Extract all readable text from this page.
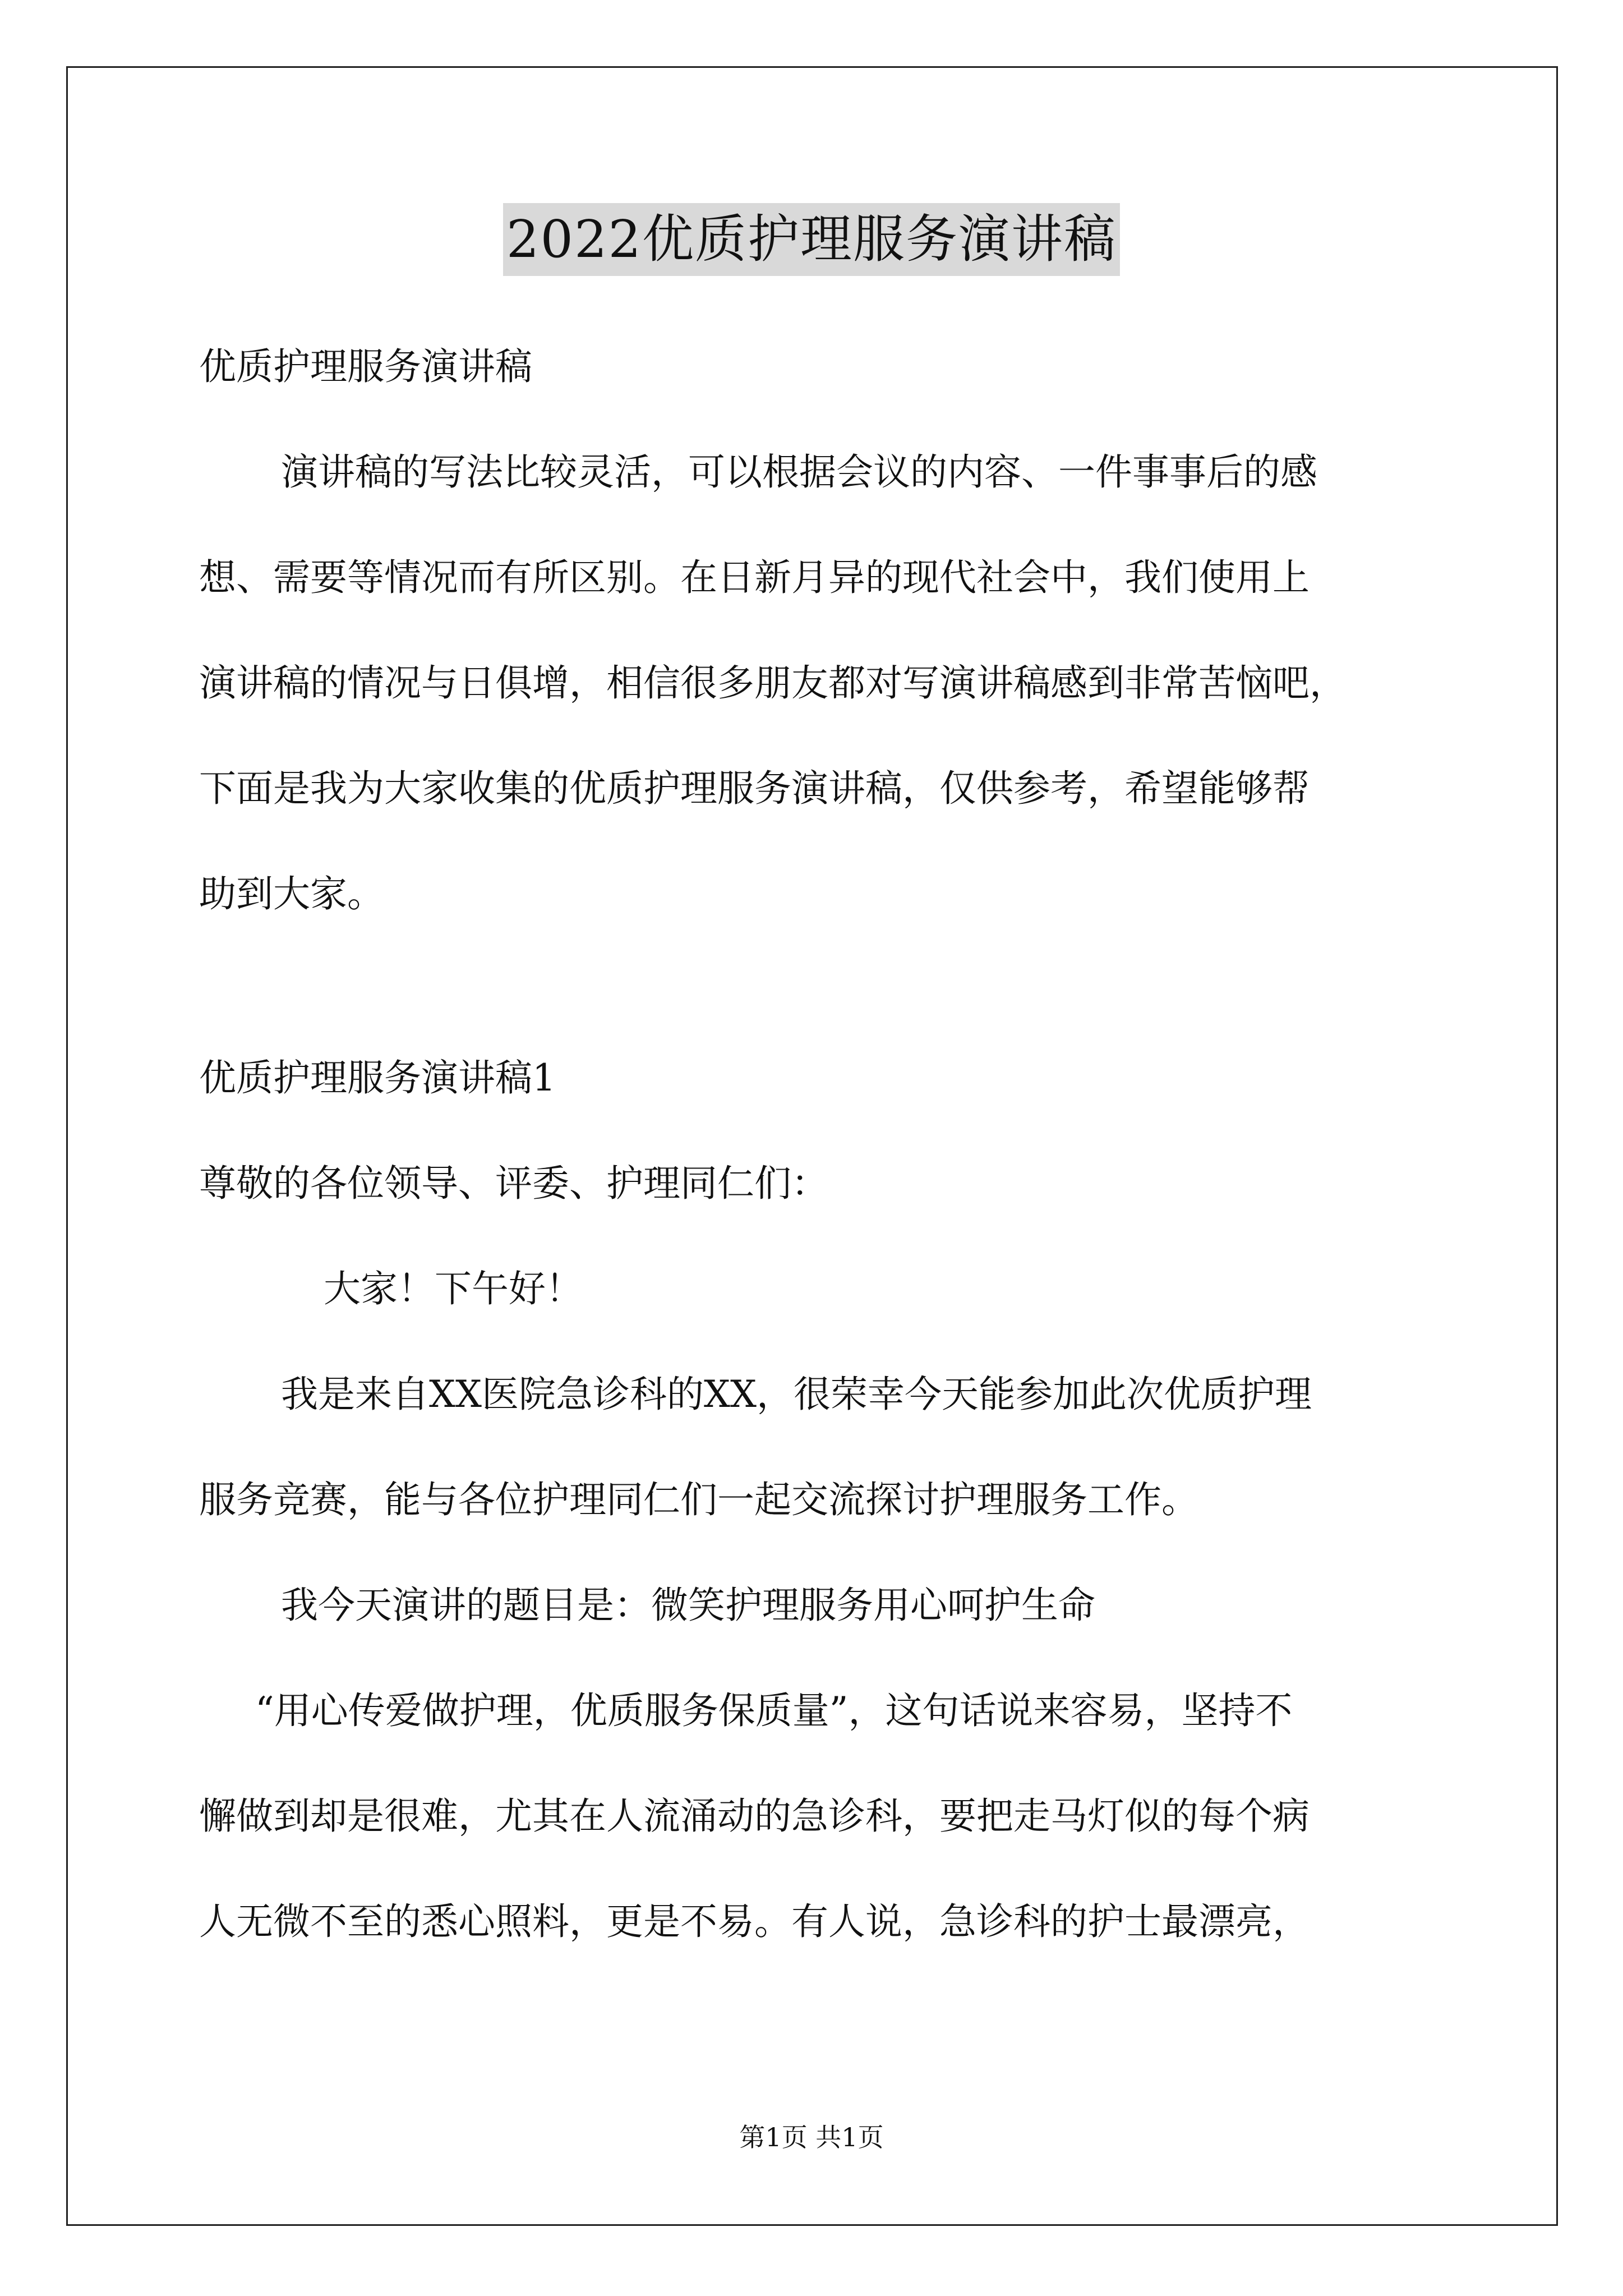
2022优质护理服务演讲稿
优质护理服务演讲稿
演讲稿的写法比较灵活，可以根据会议的内容、一件事事后的感
想、需要等情况而有所区别。在日新月异的现代社会中，我们使用上
演讲稿的情况与日俱增，相信很多朋友都对写演讲稿感到非常苦恼吧，
下面是我为大家收集的优质护理服务演讲稿，仅供参考，希望能够帮
助到大家。
优质护理服务演讲稿1
尊敬的各位领导、评委、护理同仁们：
大家！下午好！
我是来自XX医院急诊科的XX，很荣幸今天能参加此次优质护理
服务竞赛，能与各位护理同仁们一起交流探讨护理服务工作。
我今天演讲的题目是：微笑护理服务用心呵护生命
“用心传爱做护理，优质服务保质量”，这句话说来容易，坚持不
懈做到却是很难，尤其在人流涌动的急诊科，要把走马灯似的每个病
人无微不至的悉心照料，更是不易。有人说，急诊科的护士最漂亮，
第1页 共1页
